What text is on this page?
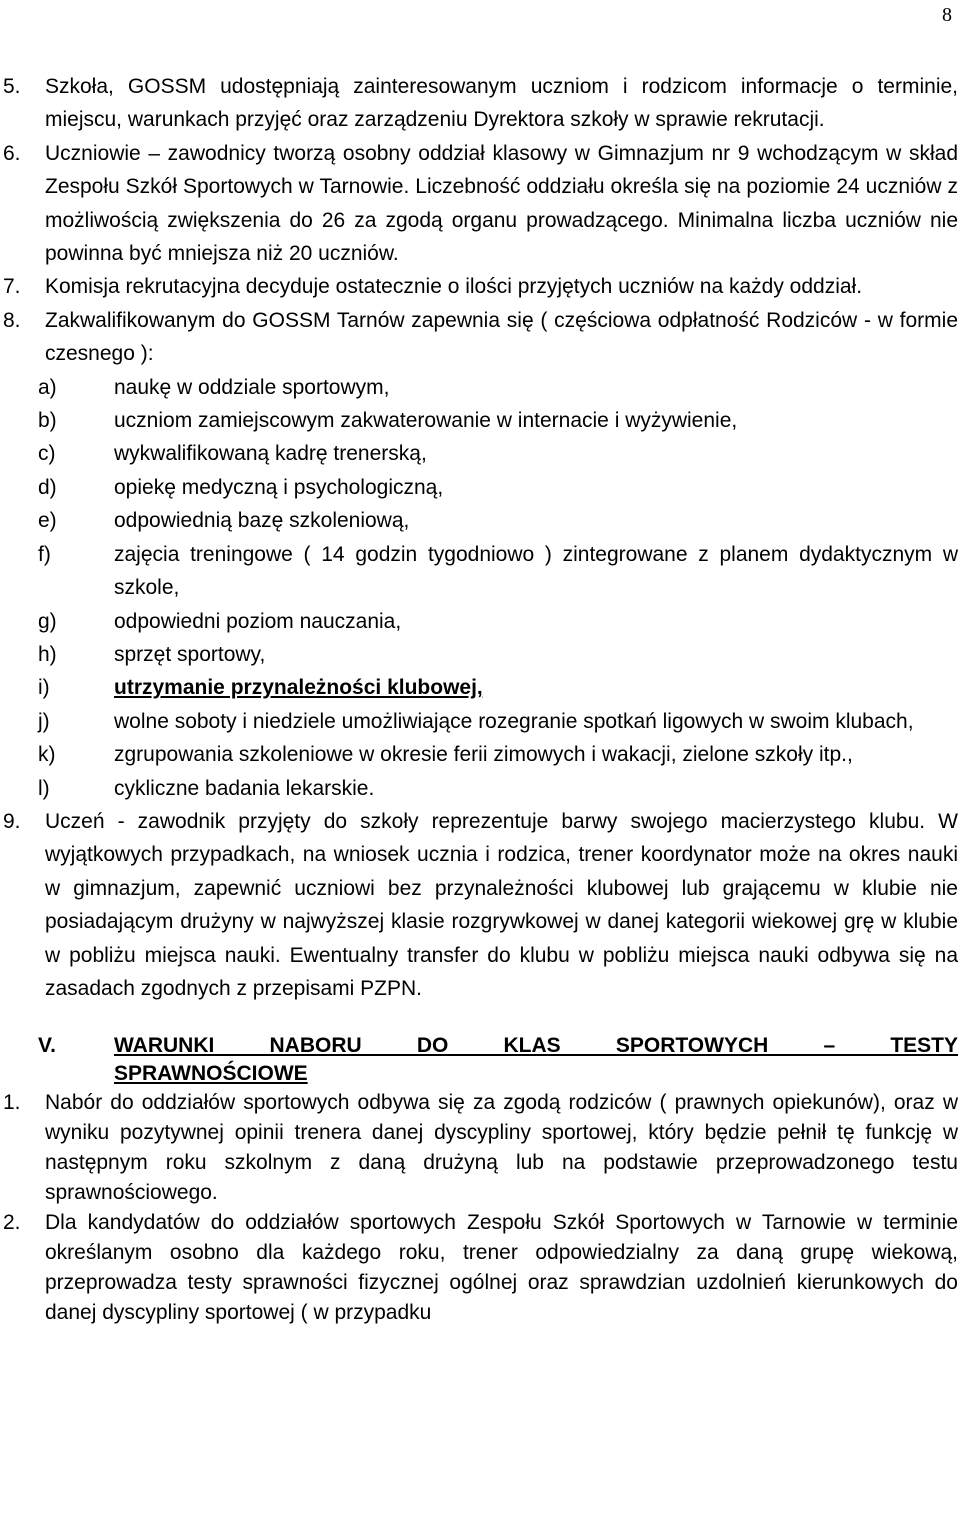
8
5. Szkoła, GOSSM udostępniają zainteresowanym uczniom i rodzicom informacje o terminie, miejscu, warunkach przyjęć oraz zarządzeniu Dyrektora szkoły w sprawie rekrutacji.
6. Uczniowie – zawodnicy tworzą osobny oddział klasowy w Gimnazjum nr 9 wchodzącym w skład Zespołu Szkół Sportowych w Tarnowie. Liczebność oddziału określa się na poziomie 24 uczniów z możliwością zwiększenia do 26 za zgodą organu prowadzącego. Minimalna liczba uczniów nie powinna być mniejsza niż 20 uczniów.
7. Komisja rekrutacyjna decyduje ostatecznie o ilości przyjętych uczniów na każdy oddział.
8. Zakwalifikowanym do GOSSM Tarnów zapewnia się ( częściowa odpłatność Rodziców - w formie czesnego ):
a)	naukę w oddziale sportowym,
b)	uczniom zamiejscowym zakwaterowanie w internacie i wyżywienie,
c)	wykwalifikowaną kadrę trenerską,
d)	opiekę medyczną i psychologiczną,
e)	odpowiednią bazę szkoleniową,
f)	zajęcia treningowe ( 14 godzin tygodniowo ) zintegrowane z planem dydaktycznym w szkole,
g)	odpowiedni poziom nauczania,
h)	sprzęt sportowy,
i)	utrzymanie przynależności klubowej,
j)	wolne soboty i niedziele umożliwiające rozegranie spotkań ligowych w swoim klubach,
k)	zgrupowania szkoleniowe w okresie ferii zimowych i wakacji, zielone szkoły itp.,
l)	cykliczne badania lekarskie.
9. Uczeń - zawodnik przyjęty do szkoły reprezentuje barwy swojego macierzystego klubu. W wyjątkowych przypadkach, na wniosek ucznia i rodzica, trener koordynator może na okres nauki w gimnazjum, zapewnić uczniowi bez przynależności klubowej lub grającemu w klubie nie posiadającym drużyny w najwyższej klasie rozgrywkowej w danej kategorii wiekowej grę w klubie w pobliżu miejsca nauki. Ewentualny transfer do klubu w pobliżu miejsca nauki odbywa się na zasadach zgodnych z przepisami PZPN.
V.	WARUNKI NABORU DO KLAS SPORTOWYCH – TESTY
SPRAWNOŚCIOWE
1. Nabór do oddziałów sportowych odbywa się za zgodą rodziców ( prawnych opiekunów), oraz w wyniku pozytywnej opinii trenera danej dyscypliny sportowej, który będzie pełnił tę funkcję w następnym roku szkolnym z daną drużyną lub na podstawie przeprowadzonego testu sprawnościowego.
2. Dla kandydatów do oddziałów sportowych Zespołu Szkół Sportowych w Tarnowie w terminie określanym osobno dla każdego roku, trener odpowiedzialny za daną grupę wiekową, przeprowadza testy sprawności fizycznej ogólnej oraz sprawdzian uzdolnień kierunkowych do danej dyscypliny sportowej ( w przypadku
